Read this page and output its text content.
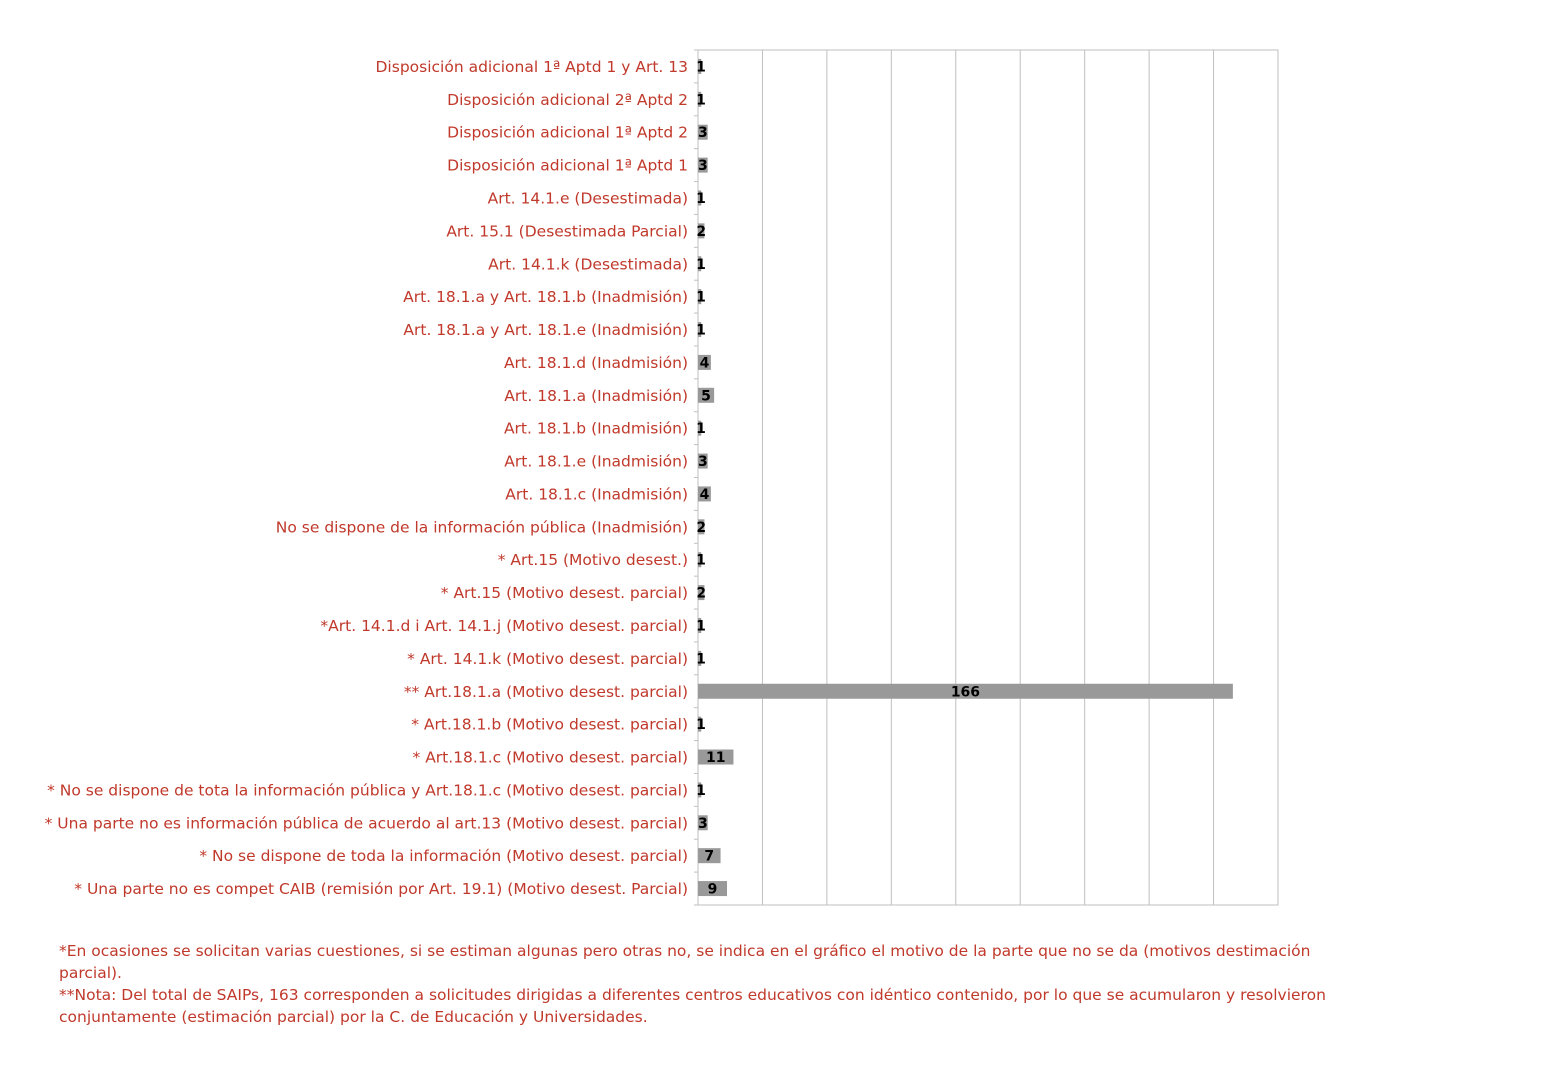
Disposición adicional 1ª Aptd 1 y Art. 13
Disposición adicional 2ª Aptd 2
Disposición adicional 1ª Aptd 2
Disposición adicional 1ª Aptd 1
Art. 14.1.e (Desestimada)
Art. 15.1 (Desestimada Parcial)
Art. 14.1.k (Desestimada)
Art. 18.1.a y Art. 18.1.b (Inadmisión)
Art. 18.1.a y Art. 18.1.e (Inadmisión)
Art. 18.1.d (Inadmisión)
Art. 18.1.a (Inadmisión)
Art. 18.1.b (Inadmisión)
Art. 18.1.e (Inadmisión)
Art. 18.1.c (Inadmisión)
No se dispone de la información pública (Inadmisión)
* Art.15 (Motivo desest.)
* Art.15 (Motivo desest. parcial)
*Art. 14.1.d i Art. 14.1.j (Motivo desest. parcial)
* Art. 14.1.k (Motivo desest. parcial)
** Art.18.1.a (Motivo desest. parcial)
* Art.18.1.b (Motivo desest. parcial)
* Art.18.1.c (Motivo desest. parcial)
* No se dispone de tota la información pública y Art.18.1.c (Motivo desest. parcial)
* Una parte no es información pública de acuerdo al art.13 (Motivo desest. parcial)
* No se dispone de toda la información (Motivo desest. parcial)
* Una parte no es compet CAIB (remisión por Art. 19.1) (Motivo desest. Parcial)
1
1
3
3
1
2
1
1
1
4
5
1
3
4
2
1
2
1
1
166
1
11
1
3
7
9

*En ocasiones se solicitan varias cuestiones, si se estiman algunas pero otras no, se indica en el gráfico el motivo de la parte que no se da (motivos destimación parcial).

**Nota: Del total de SAIPs, 163 corresponden a solicitudes dirigidas a diferentes centros educativos con idéntico contenido, por lo que se acumularon y resolvieron conjuntamente (estimación parcial) por la C. de Educación y Universidades.
